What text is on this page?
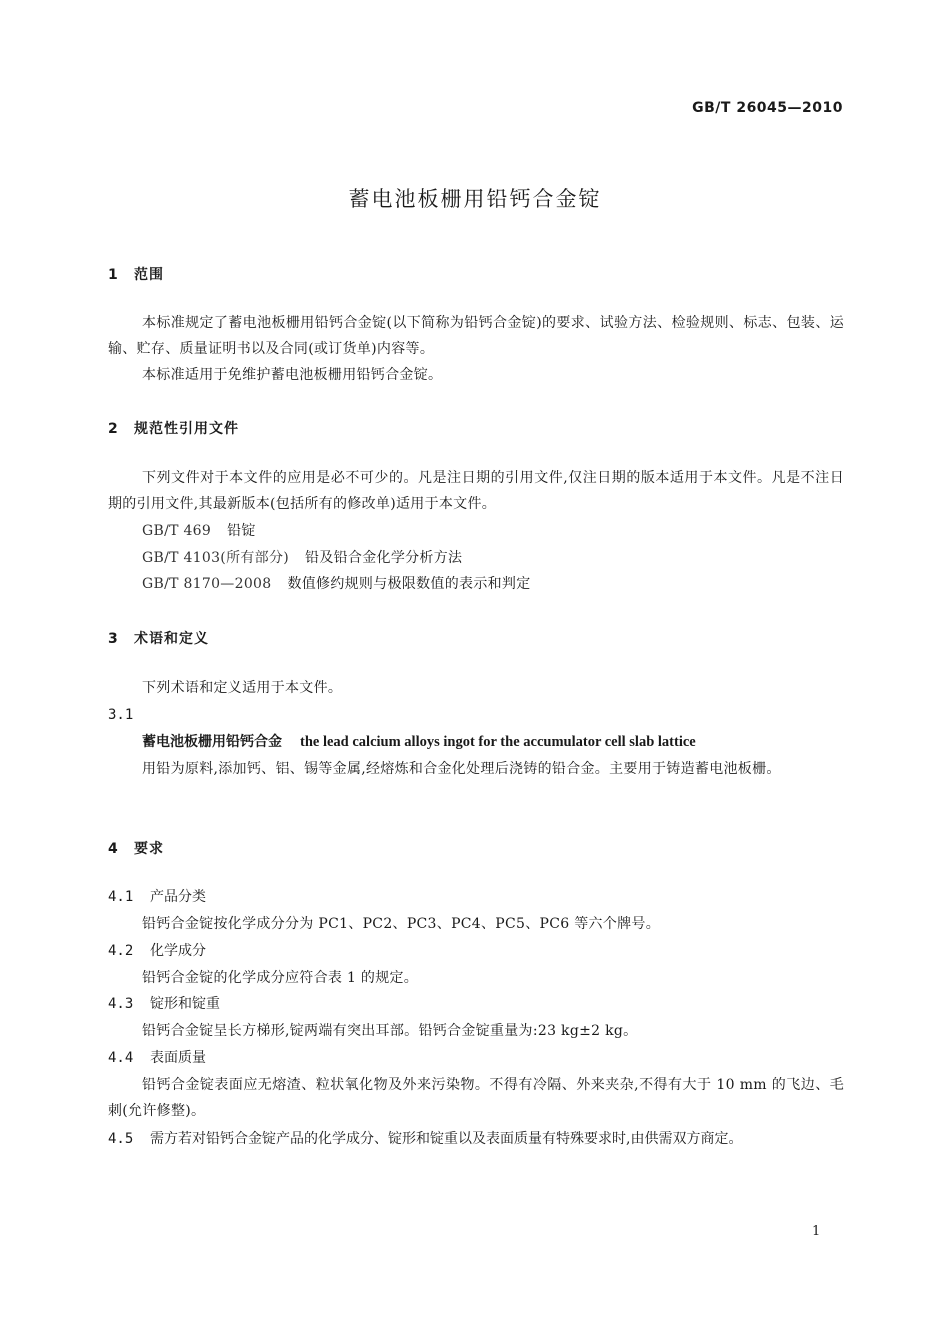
GB/T 26045—2010
蓄电池板栅用铅钙合金锭
1 范围
本标准规定了蓄电池板栅用铅钙合金锭(以下简称为铅钙合金锭)的要求、试验方法、检验规则、标志、包装、运输、贮存、质量证明书以及合同(或订货单)内容等。
本标准适用于免维护蓄电池板栅用铅钙合金锭。
2 规范性引用文件
下列文件对于本文件的应用是必不可少的。凡是注日期的引用文件,仅注日期的版本适用于本文件。凡是不注日期的引用文件,其最新版本(包括所有的修改单)适用于本文件。
GB/T 469 铅锭
GB/T 4103(所有部分) 铅及铅合金化学分析方法
GB/T 8170—2008 数值修约规则与极限数值的表示和判定
3 术语和定义
下列术语和定义适用于本文件。
3.1
蓄电池板栅用铅钙合金 the lead calcium alloys ingot for the accumulator cell slab lattice
用铅为原料,添加钙、铝、锡等金属,经熔炼和合金化处理后浇铸的铅合金。主要用于铸造蓄电池板栅。
4 要求
4.1 产品分类
铅钙合金锭按化学成分分为 PC1、PC2、PC3、PC4、PC5、PC6 等六个牌号。
4.2 化学成分
铅钙合金锭的化学成分应符合表 1 的规定。
4.3 锭形和锭重
铅钙合金锭呈长方梯形,锭两端有突出耳部。铅钙合金锭重量为:23 kg±2 kg。
4.4 表面质量
铅钙合金锭表面应无熔渣、粒状氧化物及外来污染物。不得有冷隔、外来夹杂,不得有大于 10 mm 的飞边、毛刺(允许修整)。
4.5 需方若对铅钙合金锭产品的化学成分、锭形和锭重以及表面质量有特殊要求时,由供需双方商定。
1
